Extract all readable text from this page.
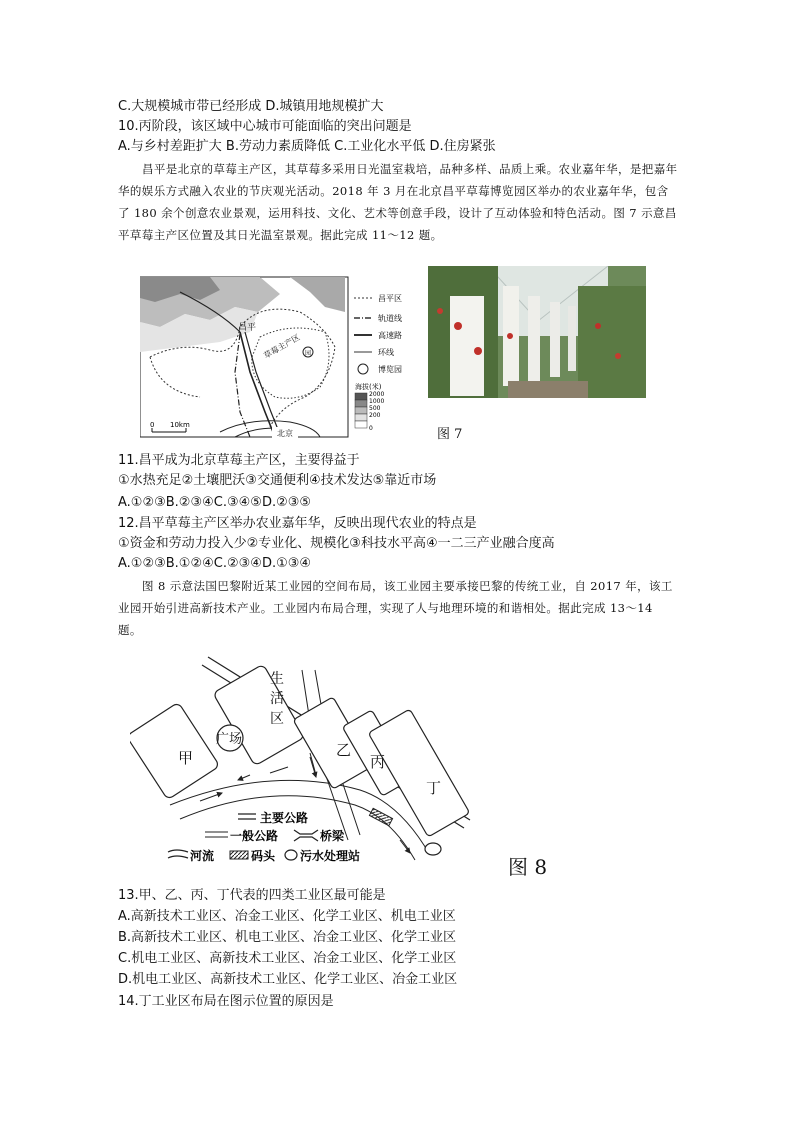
C.大规模城市带已经形成 D.城镇用地规模扩大
10.丙阶段，该区域中心城市可能面临的突出问题是
A.与乡村差距扩大 B.劳动力素质降低 C.工业化水平低 D.住房紧张
昌平是北京的草莓主产区，其草莓多采用日光温室栽培，品种多样、品质上乘。农业嘉年华，是把嘉年华的娱乐方式融入农业的节庆观光活动。2018 年 3 月在北京昌平草莓博览园区举办的农业嘉年华，包含了 180 余个创意农业景观，运用科技、文化、艺术等创意手段，设计了互动体验和特色活动。图 7 示意昌平草莓主产区位置及其日光温室景观。据此完成 11～12 题。
园
昌平
草莓主产区
北京
0 10km
昌平区
轨道线
高速路
环线
博览园
海拔(米)
2000
1000
500
200
0	图 7
11.昌平成为北京草莓主产区，主要得益于
①水热充足②土壤肥沃③交通便利④技术发达⑤靠近市场
A.①②③B.②③④C.③④⑤D.②③⑤
12.昌平草莓主产区举办农业嘉年华，反映出现代农业的特点是
①资金和劳动力投入少②专业化、规模化③科技水平高④一二三产业融合度高
A.①②③B.①②④C.②③④D.①③④
图 8 示意法国巴黎附近某工业园的空间布局，该工业园主要承接巴黎的传统工业，自 2017 年，该工业园开始引进高新技术产业。工业园内布局合理，实现了人与地理环境的和谐相处。据此完成 13～14 题。
甲
生
活
区
广场
乙
丙
丁
主要公路
一般公路	桥梁
河流	码头 污水处理站	图 8
13.甲、乙、丙、丁代表的四类工业区最可能是
A.高新技术工业区、冶金工业区、化学工业区、机电工业区
B.高新技术工业区、机电工业区、冶金工业区、化学工业区
C.机电工业区、高新技术工业区、冶金工业区、化学工业区
D.机电工业区、高新技术工业区、化学工业区、冶金工业区
14.丁工业区布局在图示位置的原因是
